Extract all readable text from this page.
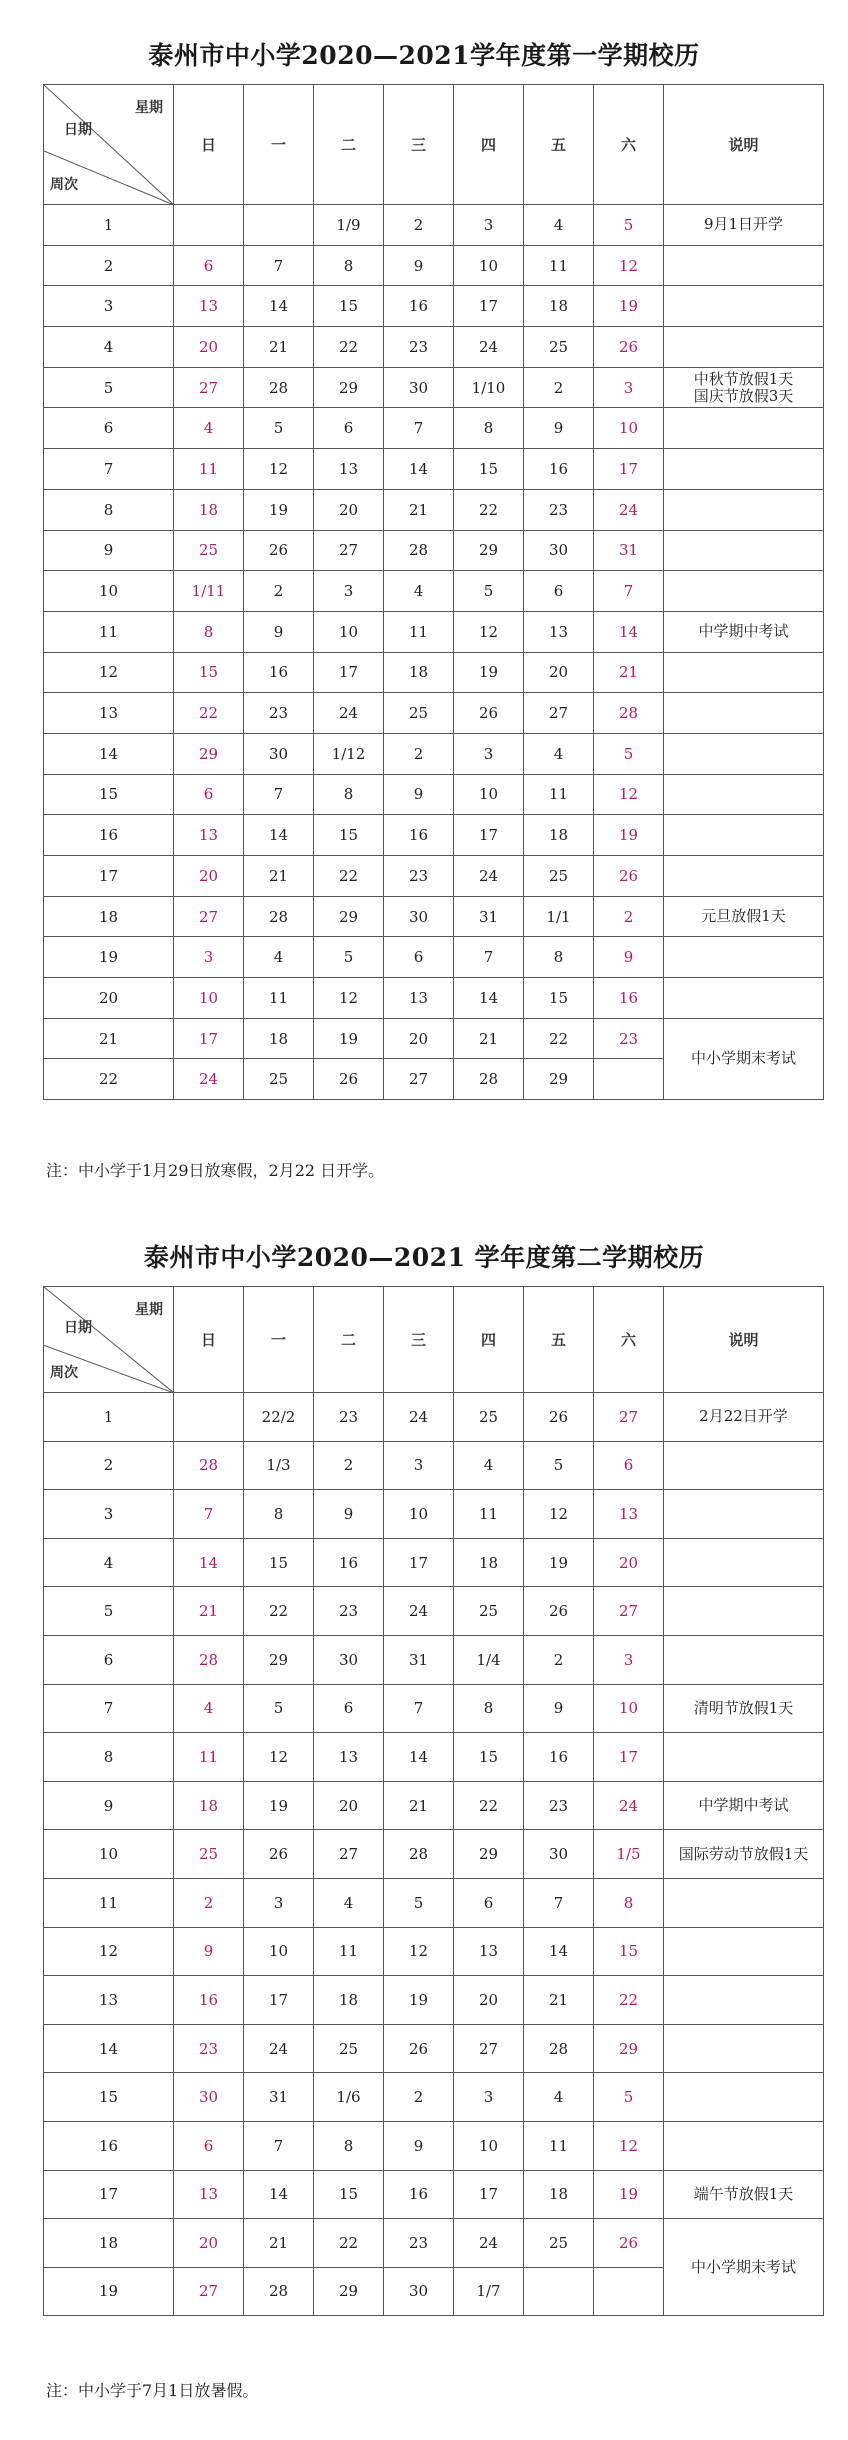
泰州市中小学2020—2021学年度第一学期校历
星期
日期
周次	日	一	二	三	四	五	六	说明
1			1/9	2	3	4	5	9月1日开学

2	6	7	8	9	10	11	12	
3	13	14	15	16	17	18	19	
4	20	21	22	23	24	25	26	
5	27	28	29	30	1/10	2	3	中秋节放假1天
国庆节放假3天

6	4	5	6	7	8	9	10	
7	11	12	13	14	15	16	17	
8	18	19	20	21	22	23	24	
9	25	26	27	28	29	30	31	
10	1/11	2	3	4	5	6	7	
11	8	9	10	11	12	13	14	中学期中考试

12	15	16	17	18	19	20	21	
13	22	23	24	25	26	27	28	
14	29	30	1/12	2	3	4	5	
15	6	7	8	9	10	11	12	
16	13	14	15	16	17	18	19	
17	20	21	22	23	24	25	26	
18	27	28	29	30	31	1/1	2	元旦放假1天

19	3	4	5	6	7	8	9	
20	10	11	12	13	14	15	16	
21	17	18	19	20	21	22	23	中小学期末考试

22	24	25	26	27	28	29		
注：中小学于1月29日放寒假，2月22 日开学。
泰州市中小学2020—2021 学年度第二学期校历
星期
日期
周次	日	一	二	三	四	五	六	说明
1		22/2	23	24	25	26	27	2月22日开学

2	28	1/3	2	3	4	5	6	
3	7	8	9	10	11	12	13	
4	14	15	16	17	18	19	20	
5	21	22	23	24	25	26	27	
6	28	29	30	31	1/4	2	3	
7	4	5	6	7	8	9	10	清明节放假1天

8	11	12	13	14	15	16	17	
9	18	19	20	21	22	23	24	中学期中考试

10	25	26	27	28	29	30	1/5	国际劳动节放假1天

11	2	3	4	5	6	7	8	
12	9	10	11	12	13	14	15	
13	16	17	18	19	20	21	22	
14	23	24	25	26	27	28	29	
15	30	31	1/6	2	3	4	5	
16	6	7	8	9	10	11	12	
17	13	14	15	16	17	18	19	端午节放假1天

18	20	21	22	23	24	25	26	中小学期末考试

19	27	28	29	30	1/7			
注：中小学于7月1日放暑假。
